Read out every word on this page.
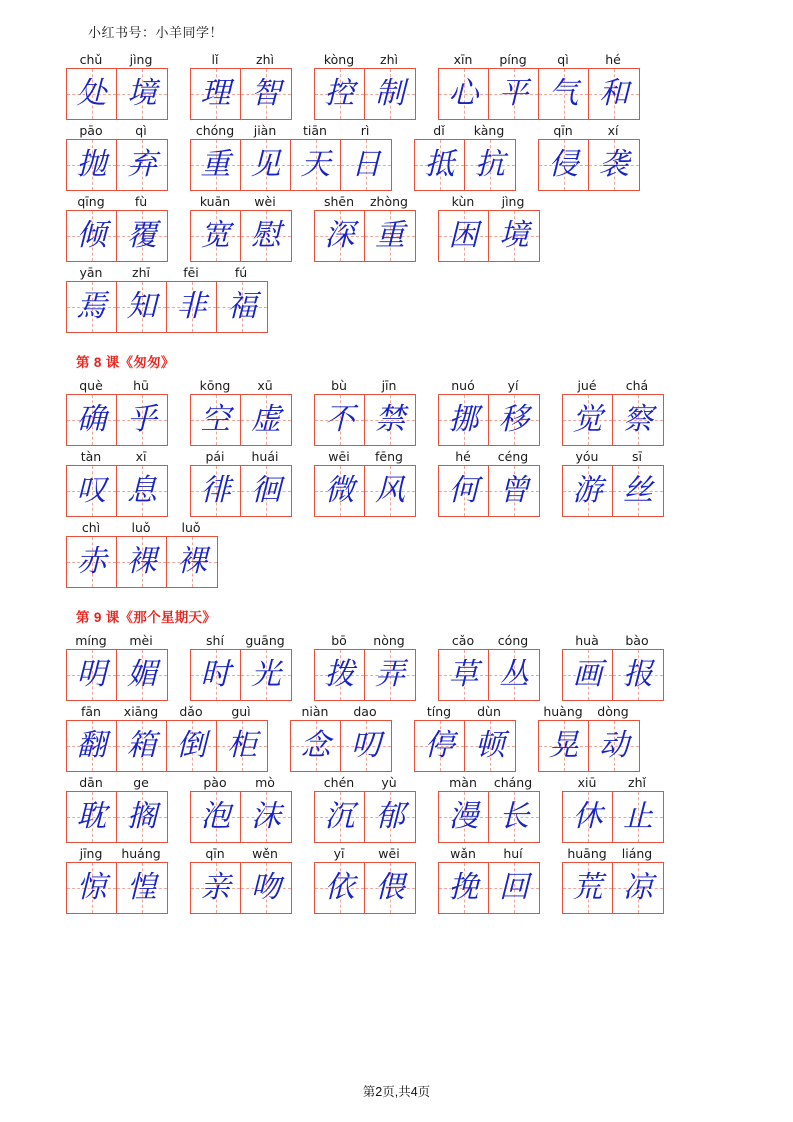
小红书号：小羊同学！
chǔ	jìng
处 境
lǐ	zhì
理 智
kòng	zhì
控 制
xīn	píng	qì	hé
心 平 气 和
pāo	qì
抛 弃
chóng	jiàn	tiān	rì
重 见 天 日
dǐ	kàng
抵 抗
qīn	xí
侵 袭
qīng	fù
倾 覆
kuān	wèi
宽 慰
shēn	zhòng
深 重
kùn	jìng
困 境
yān	zhī	fēi	fú
焉 知 非 福
第 8 课《匆匆》
què	hū
确 乎
kōng	xū
空 虚
bù	jīn
不 禁
nuó	yí
挪 移
jué	chá
觉 察
tàn	xī
叹 息
pái	huái
徘 徊
wēi	fēng
微 风
hé	céng
何 曾
yóu	sī
游 丝
chì	luǒ	luǒ
赤 裸 裸
第 9 课《那个星期天》
míng	mèi
明 媚
shí	guāng
时 光
bō	nòng
拨 弄
cǎo	cóng
草 丛
huà	bào
画 报
fān	xiāng	dǎo	guì
翻 箱 倒 柜
niàn	dao
念 叨
tíng	dùn
停 顿
huàng	dòng
晃 动
dān	ge
耽 搁
pào	mò
泡 沫
chén	yù
沉 郁
màn	cháng
漫 长
xiū	zhǐ
休 止
jīng	huáng
惊 惶
qīn	wěn
亲 吻
yī	wēi
依 偎
wǎn	huí
挽 回
huāng	liáng
荒 凉
第2页,共4页
